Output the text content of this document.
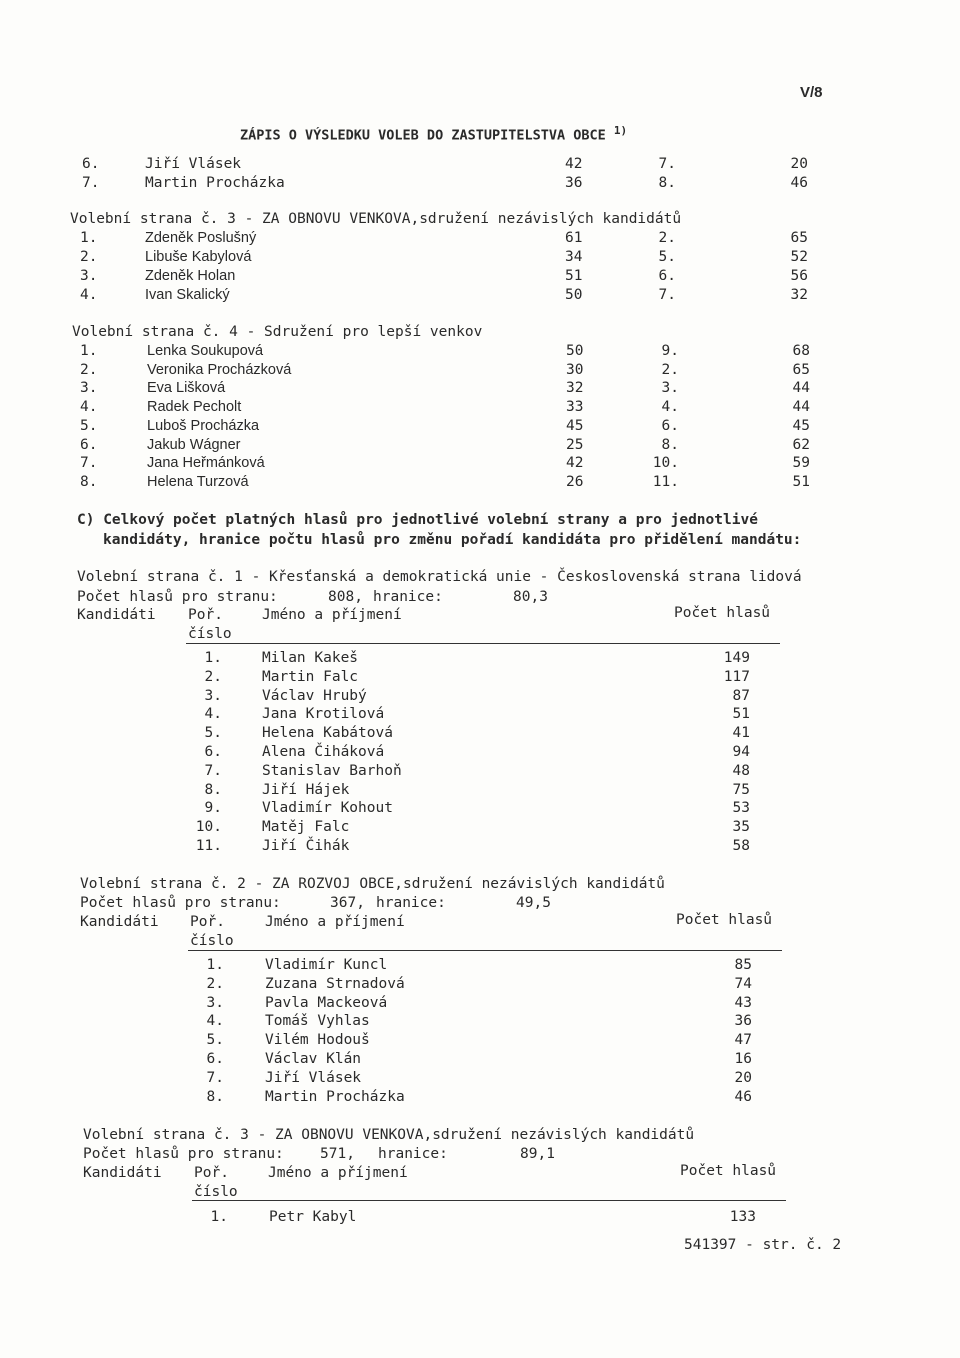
V/8
ZÁPIS O VÝSLEDKU VOLEB DO ZASTUPITELSTVA OBCE $^{1)}$
6.	Jiří Vlásek	42	7.	20
7.	Martin Procházka	36	8.	46
Volební strana č. 3 - ZA OBNOVU VENKOVA,sdružení nezávislých kandidátů
1.	Zdeněk Poslušný	61	2.	65
2.	Libuše Kabylová	34	5.	52
3.	Zdeněk Holan	51	6.	56
4.	Ivan Skalický	50	7.	32
Volební strana č. 4 - Sdružení pro lepší venkov
1.	Lenka Soukupová	50	9.	68
2.	Veronika Procházková	30	2.	65
3.	Eva Lišková	32	3.	44
4.	Radek Pecholt	33	4.	44
5.	Luboš Procházka	45	6.	45
6.	Jakub Wágner	25	8.	62
7.	Jana Heřmánková	42	10.	59
8.	Helena Turzová	26	11.	51
C) Celkový počet platných hlasů pro jednotlivé volební strany a pro jednotlivé
kandidáty, hranice počtu hlasů pro změnu pořadí kandidáta pro přidělení mandátu:
Volební strana č. 1 - Křesťanská a demokratická unie - Československá strana lidová
Počet hlasů pro stranu:	808, hranice:	80,3
Kandidáti Poř.
číslo
Jméno a příjmení	Počet hlasů
1.	Milan Kakeš	149
2.	Martin Falc	117
3.	Václav Hrubý	87
4.	Jana Krotilová	51
5.	Helena Kabátová	41
6.	Alena Čiháková	94
7.	Stanislav Barhoň	48
8.	Jiří Hájek	75
9.	Vladimír Kohout	53
10.	Matěj Falc	35
11.	Jiří Čihák	58
Volební strana č. 2 - ZA ROZVOJ OBCE,sdružení nezávislých kandidátů
Počet hlasů pro stranu:	367, hranice:	49,5
Kandidáti Poř.
číslo
Jméno a příjmení	Počet hlasů
1.	Vladimír Kuncl	85
2.	Zuzana Strnadová	74
3.	Pavla Mackeová	43
4.	Tomáš Vyhlas	36
5.	Vilém Hodouš	47
6.	Václav Klán	16
7.	Jiří Vlásek	20
8.	Martin Procházka	46
Volební strana č. 3 - ZA OBNOVU VENKOVA,sdružení nezávislých kandidátů
Počet hlasů pro stranu: 571, hranice:	89,1
Kandidáti Poř.
číslo
Jméno a příjmení	Počet hlasů
1.	Petr Kabyl	133
541397 - str. č. 2
